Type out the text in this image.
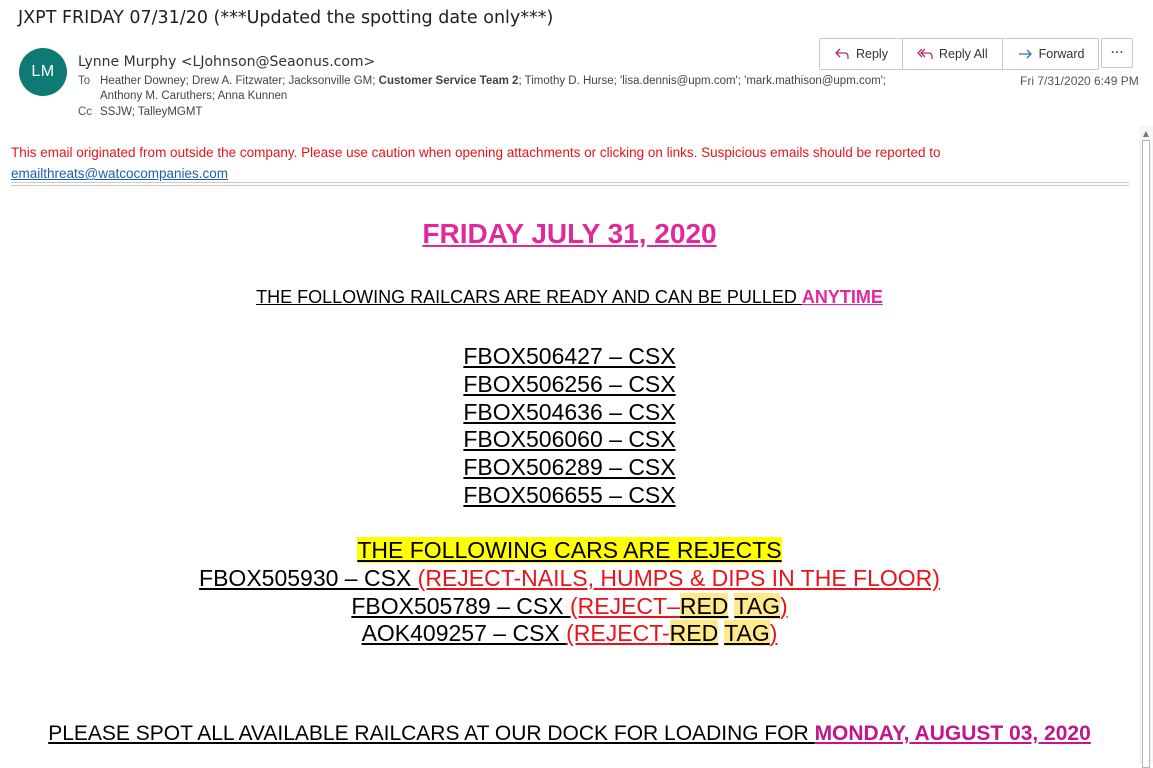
JXPT FRIDAY 07/31/20 (***Updated the spotting date only***)
LM
Lynne Murphy <LJohnson@Seaonus.com>
To Heather Downey; Drew A. Fitzwater; Jacksonville GM; Customer Service Team 2; Timothy D. Hurse; 'lisa.dennis@upm.com'; 'mark.mathison@upm.com';
Anthony M. Caruthers; Anna Kunnen
Cc SSJW; TalleyMGMT
Reply	Reply All	Forward	···
Fri 7/31/2020 6:49 PM
This email originated from outside the company. Please use caution when opening attachments or clicking on links. Suspicious emails should be reported to
emailthreats@watcocompanies.com
FRIDAY JULY 31, 2020
THE FOLLOWING RAILCARS ARE READY AND CAN BE PULLED ANYTIME
FBOX506427 – CSX
FBOX506256 – CSX
FBOX504636 – CSX
FBOX506060 – CSX
FBOX506289 – CSX
FBOX506655 – CSX
THE FOLLOWING CARS ARE REJECTS
FBOX505930 – CSX (REJECT-NAILS, HUMPS & DIPS IN THE FLOOR)
FBOX505789 – CSX (REJECT–RED TAG)
AOK409257 – CSX (REJECT-RED TAG)
PLEASE SPOT ALL AVAILABLE RAILCARS AT OUR DOCK FOR LOADING FOR MONDAY, AUGUST 03, 2020
▲
